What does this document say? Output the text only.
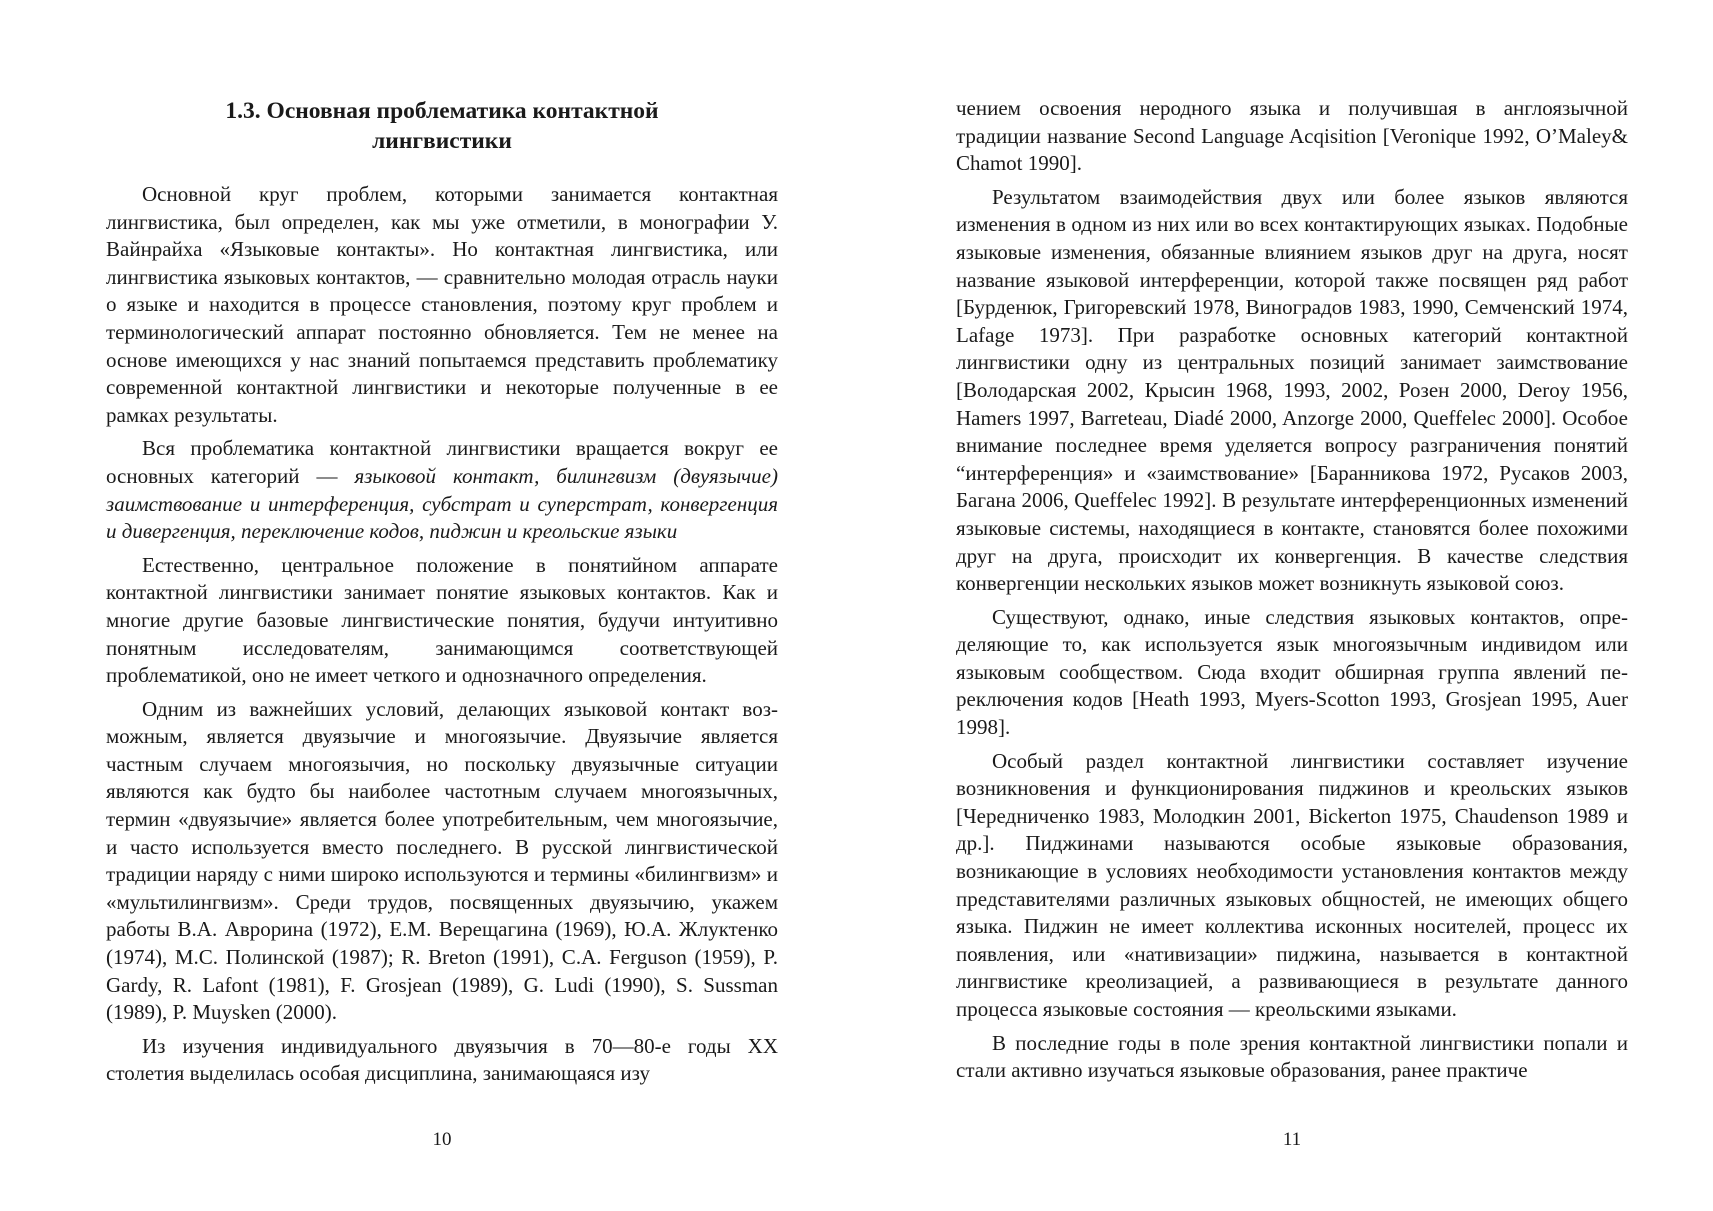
1.3. Основная проблематика контактной
лингвистики

Основной круг проблем, которыми занимается контактная лингвистика, был определен, как мы уже отметили, в монографии У. Вайнрайха «Языковые контакты». Но контактная лингвистика, или лингвистика языковых контактов, — сравнительно молодая отрасль науки о языке и находится в процессе становления, поэтому круг проблем и терминологический аппарат постоянно обновляется. Тем не менее на основе имеющихся у нас знаний попытаемся представить проблематику современной контактной лингвистики и некоторые полученные в ее рамках результаты.

Вся проблематика контактной лингвистики вращается вокруг ее основных категорий — языковой контакт, билингвизм (двуязычие) заимствование и интерференция, субстрат и суперстрат, конвергенция и дивергенция, переключение кодов, пиджин и креольские языки

Естественно, центральное положение в понятийном аппарате контактной лингвистики занимает понятие языковых контактов. Как и многие другие базовые лингвистические понятия, будучи интуитивно понятным исследователям, занимающимся соответствующей проблематикой, оно не имеет четкого и однозначного определения.

Одним из важнейших условий, делающих языковой контакт возможным, является двуязычие и многоязычие. Двуязычие является частным случаем многоязычия, но поскольку двуязычные ситуации являются как будто бы наиболее частотным случаем многоязычных, термин «двуязычие» является более употребительным, чем многоязычие, и часто используется вместо последнего. В русской лингвистической традиции наряду с ними широко используются и термины «билингвизм» и «мультилингвизм». Среди трудов, посвященных двуязычию, укажем работы В.А. Аврорина (1972), Е.М. Верещагина (1969), Ю.А. Жлуктенко (1974), М.С. Полинской (1987); R. Breton (1991), C.A. Ferguson (1959), P. Gardy, R. Lafont (1981), F. Grosjean (1989), G. Ludi (1990), S. Sussman (1989), P. Muysken (2000).

Из изучения индивидуального двуязычия в 70—80-е годы XX столетия выделилась особая дисциплина, занимающаяся изу

10

чением освоения неродного языка и получившая в англоязычной традиции название Second Language Acqisition [Veronique 1992, O’Maley& Chamot 1990].

Результатом взаимодействия двух или более языков являются изменения в одном из них или во всех контактирующих языках. Подобные языковые изменения, обязанные влиянием языков друг на друга, носят название языковой интерференции, которой также посвящен ряд работ [Бурденюк, Григоревский 1978, Виноградов 1983, 1990, Семченский 1974, Lafage 1973]. При разработке основных категорий контактной лингвистики одну из центральных позиций занимает заимствование [Володарская 2002, Крысин 1968, 1993, 2002, Розен 2000, Deroy 1956, Hamers 1997, Barreteau, Diadé 2000, Anzorge 2000, Queffelec 2000]. Особое внимание последнее время уделяется вопросу разграничения понятий “интерференция» и «заимствование» [Баранникова 1972, Русаков 2003, Багана 2006, Queffelec 1992]. В результате интерференционных изменений языковые системы, находящиеся в контакте, становятся более похожими друг на друга, происходит их конвергенция. В качестве следствия конвергенции нескольких языков может возникнуть языковой союз.

Существуют, однако, иные следствия языковых контактов, определяющие то, как используется язык многоязычным индивидом или языковым сообществом. Сюда входит обширная группа явлений переключения кодов [Heath 1993, Myers-Scotton 1993, Grosjean 1995, Auer 1998].

Особый раздел контактной лингвистики составляет изучение возникновения и функционирования пиджинов и креольских языков [Чередниченко 1983, Молодкин 2001, Bickerton 1975, Chaudenson 1989 и др.]. Пиджинами называются особые языковые образования, возникающие в условиях необходимости установления контактов между представителями различных языковых общностей, не имеющих общего языка. Пиджин не имеет коллектива исконных носителей, процесс их появления, или «нативизации» пиджина, называется в контактной лингвистике креолизацией, а развивающиеся в результате данного процесса языковые состояния — креольскими языками.

В последние годы в поле зрения контактной лингвистики попали и стали активно изучаться языковые образования, ранее практиче

11
